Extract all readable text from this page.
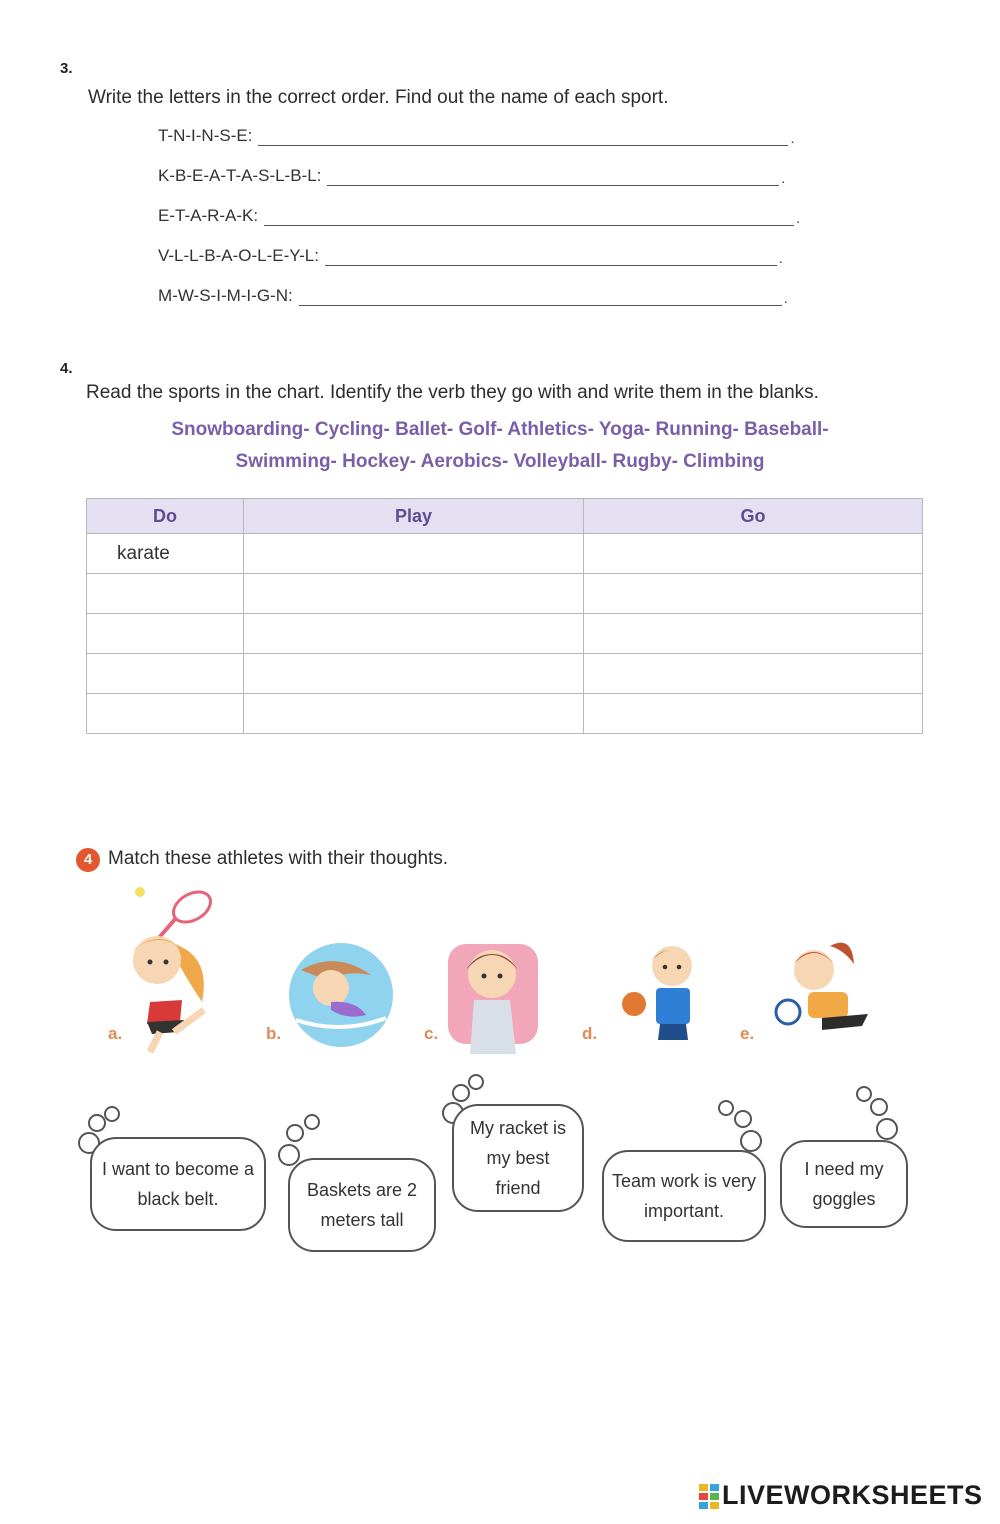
3.
Write the letters in the correct order. Find out the name of each sport.
T-N-I-N-S-E:	.
K-B-E-A-T-A-S-L-B-L:	.
E-T-A-R-A-K:	.
V-L-L-B-A-O-L-E-Y-L:	.
M-W-S-I-M-I-G-N:	.
4.
Read the sports in the chart. Identify the verb they go with and write them in the blanks.
Snowboarding- Cycling- Ballet- Golf- Athletics- Yoga- Running- Baseball-
Swimming- Hockey- Aerobics- Volleyball- Rugby- Climbing
Do	Play	Go
karate		

4 Match these athletes with their thoughts.
a.	b.	c.	d.	e.
I want to become a black belt.	Baskets are 2 meters tall
My racket is my best friend	Team work is very important.
I need my goggles
LIVEWORKSHEETS
